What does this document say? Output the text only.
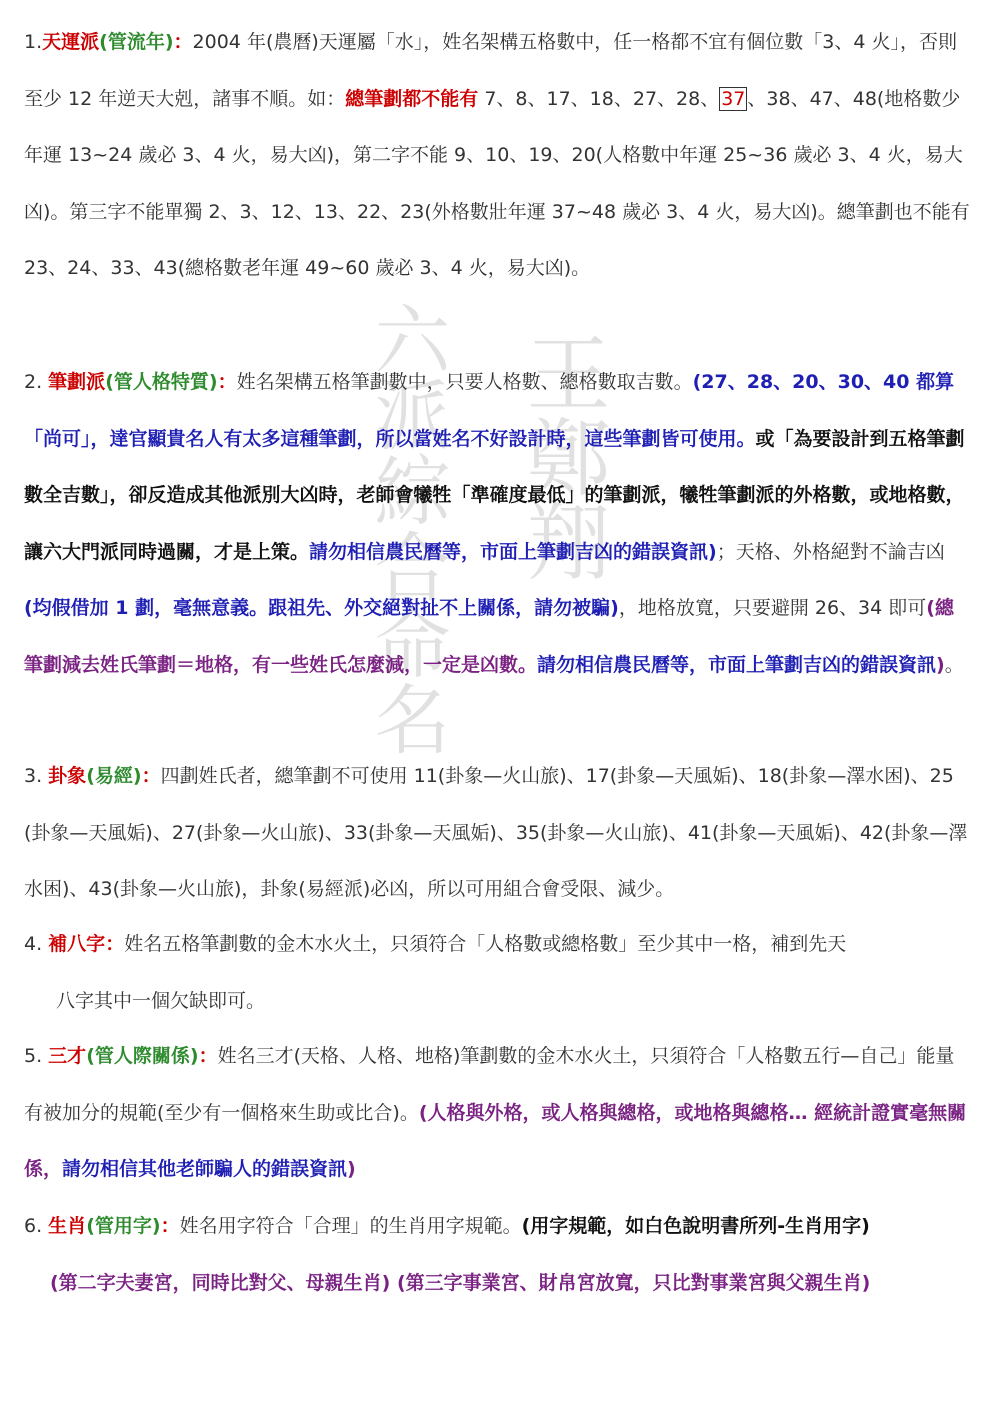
六派綜合命名 王鄭翔

1.天運派(管流年)：2004 年(農曆)天運屬「水」，姓名架構五格數中，任一格都不宜有個位數「3、4 火」，否則至少 12 年逆天大剋，諸事不順。如：總筆劃都不能有 7、8、17、18、27、28、 37 、38、47、48(地格數少年運 13~24 歲必 3、4 火，易大凶)，第二字不能 9、10、19、20(人格數中年運 25~36 歲必 3、4 火，易大凶)。第三字不能單獨 2、3、12、13、22、23(外格數壯年運 37~48 歲必 3、4 火，易大凶)。總筆劃也不能有 23、24、33、43(總格數老年運 49~60 歲必 3、4 火，易大凶)。

2. 筆劃派(管人格特質)：姓名架構五格筆劃數中，只要人格數、總格數取吉數。(27、28、20、30、40 都算「尚可」，達官顯貴名人有太多這種筆劃，所以當姓名不好設計時，這些筆劃皆可使用。或「為要設計到五格筆劃數全吉數」，卻反造成其他派別大凶時，老師會犧牲「準確度最低」的筆劃派，犧牲筆劃派的外格數，或地格數，讓六大門派同時過關，才是上策。請勿相信農民曆等，市面上筆劃吉凶的錯誤資訊)；天格、外格絕對不論吉凶(均假借加 1 劃，毫無意義。跟祖先、外交絕對扯不上關係，請勿被騙)，地格放寬，只要避開 26、34 即可(總筆劃減去姓氏筆劃＝地格，有一些姓氏怎麼減，一定是凶數。請勿相信農民曆等，市面上筆劃吉凶的錯誤資訊)。

3. 卦象(易經)：四劃姓氏者，總筆劃不可使用 11(卦象—火山旅)、17(卦象—天風姤)、18(卦象—澤水困)、25(卦象—天風姤)、27(卦象—火山旅)、33(卦象—天風姤)、35(卦象—火山旅)、41(卦象—天風姤)、42(卦象—澤水困)、43(卦象—火山旅)，卦象(易經派)必凶，所以可用組合會受限、減少。

4. 補八字：姓名五格筆劃數的金木水火土，只須符合「人格數或總格數」至少其中一格，補到先天
八字其中一個欠缺即可。

5. 三才(管人際關係)：姓名三才(天格、人格、地格)筆劃數的金木水火土，只須符合「人格數五行—自己」能量有被加分的規範(至少有一個格來生助或比合)。(人格與外格，或人格與總格，或地格與總格… 經統計證實毫無關係，請勿相信其他老師騙人的錯誤資訊)

6. 生肖(管用字)：姓名用字符合「合理」的生肖用字規範。(用字規範，如白色說明書所列-生肖用字)
(第二字夫妻宮，同時比對父、母親生肖) (第三字事業宮、財帛宮放寬，只比對事業宮與父親生肖)
